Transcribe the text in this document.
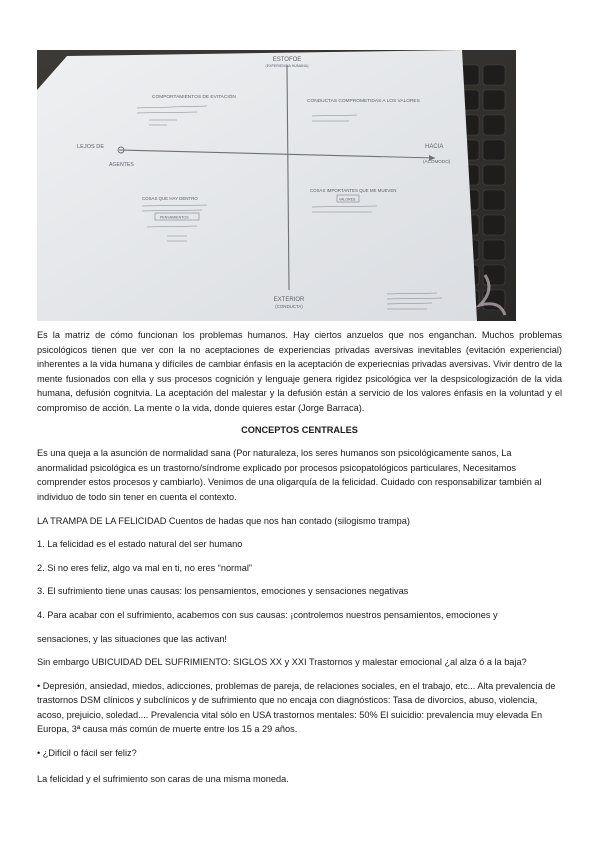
ESTOFOE
(EXPERIENCIA HUMANA)
HACIA
(ACOMODO)
EXTERIOR
(CONDUCTA)
LEJOS DE
AGENTES
COMPORTAMIENTOS DE EVITACIÓN
CONDUCTAS COMPROMETIDAS A LOS VALORES
COSAS QUE HAY DENTRO
PENSAMIENTOS
COSAS IMPORTANTES QUE ME MUEVEN
VALORES

Es la matriz de cómo funcionan los problemas humanos. Hay ciertos anzuelos que nos enganchan. Muchos problemas psicológicos tienen que ver con la no aceptaciones de experiencias privadas aversivas inevitables (evitación experiencial) inherentes a la vida humana y difíciles de cambiar énfasis en la aceptación de experiecnias privadas aversivas. Vivir dentro de la mente fusionados con ella y sus procesos cognición y lenguaje genera rigidez psicológica ver la despsicologización de la vida humana, defusión cognitvia. La aceptación del malestar y la defusión están a servicio de los valores énfasis en la voluntad y el compromiso de acción. La mente o la vida, donde quieres estar (Jorge Barraca).

CONCEPTOS CENTRALES

Es una queja a la asunción de normalidad sana (Por naturaleza, los seres humanos son psicológicamente sanos, La anormalidad psicológica es un trastorno/síndrome explicado por procesos psicopatológicos particulares, Necesitamos comprender estos procesos y cambiarlo). Venimos de una oligarquía de la felicidad. Cuidado con responsabilizar también al individuo de todo sin tener en cuenta el contexto.

LA TRAMPA DE LA FELICIDAD Cuentos de hadas que nos han contado (silogismo trampa)

1. La felicidad es el estado natural del ser humano

2. Si no eres feliz, algo va mal en ti, no eres “normal”

3. El sufrimiento tiene unas causas: los pensamientos, emociones y sensaciones negativas

4. Para acabar con el sufrimiento, acabemos con sus causas: ¡controlemos nuestros pensamientos, emociones y

sensaciones, y las situaciones que las activan!

Sin embargo UBICUIDAD DEL SUFRIMIENTO: SIGLOS XX y XXI Trastornos y malestar emocional ¿al alza ó a la baja?

• Depresión, ansiedad, miedos, adicciones, problemas de pareja, de relaciones sociales, en el trabajo, etc... Alta prevalencia de trastornos DSM clínicos y subclínicos y de sufrimiento que no encaja con diagnósticos: Tasa de divorcios, abuso, violencia, acoso, prejuicio, soledad.... Prevalencia vital sólo en USA trastornos mentales: 50% El suicidio: prevalencia muy elevada En Europa, 3ª causa más común de muerte entre los 15 a 29 años.

• ¿Difícil o fácil ser feliz?

La felicidad y el sufrimiento son caras de una misma moneda.
